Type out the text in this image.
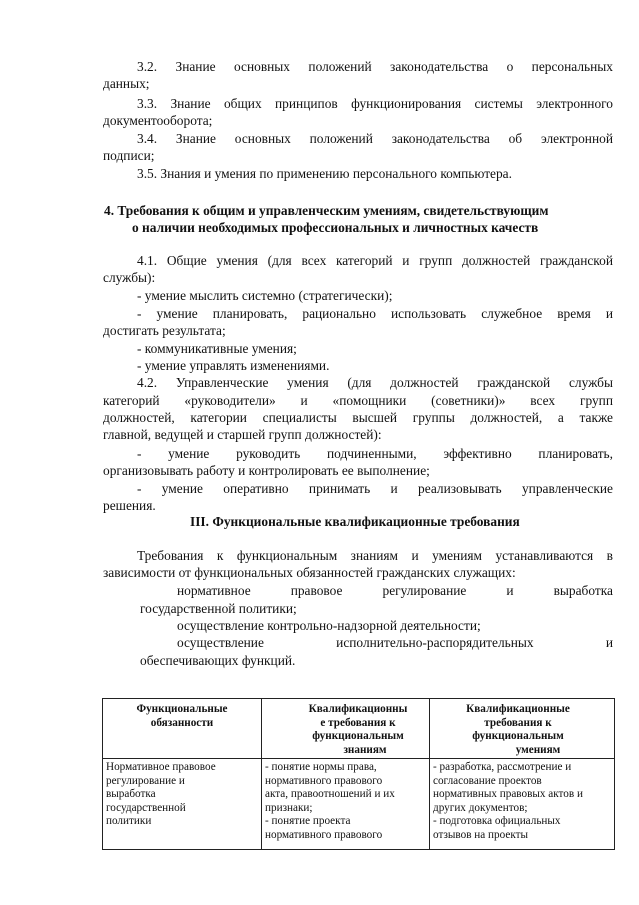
3.2. Знание основных положений законодательства о персональных
данных;
3.3. Знание общих принципов функционирования системы электронного
документооборота;
3.4. Знание основных положений законодательства об электронной
подписи;
3.5. Знания и умения по применению персонального компьютера.
4. Требования к общим и управленческим умениям, свидетельствующим
о наличии необходимых профессиональных и личностных качеств
4.1. Общие умения (для всех категорий и групп должностей гражданской
службы):
- умение мыслить системно (стратегически);
- умение планировать, рационально использовать служебное время и
достигать результата;
- коммуникативные умения;
- умение управлять изменениями.
4.2. Управленческие умения (для должностей гражданской службы
категорий «руководители» и «помощники (советники)» всех групп
должностей, категории специалисты высшей группы должностей, а также
главной, ведущей и старшей групп должностей):
- умение руководить подчиненными, эффективно планировать,
организовывать работу и контролировать ее выполнение;
- умение оперативно принимать и реализовывать управленческие
решения.
III. Функциональные квалификационные требования
Требования к функциональным знаниям и умениям устанавливаются в
зависимости от функциональных обязанностей гражданских служащих:
нормативное правовое регулирование и выработка
государственной политики;
осуществление контрольно-надзорной деятельности;
осуществление исполнительно-распорядительных и
обеспечивающих функций.
Функциональные
обязанности
Квалификационны
е требования к
функциональным
знаниям
Квалификационные
требования к
функциональным
умениям
Нормативное правовое
регулирование и
выработка
государственной
политики
- понятие нормы права,
нормативного правового
акта, правоотношений и их
признаки;
- понятие проекта
нормативного правового
- разработка, рассмотрение и
согласование проектов
нормативных правовых актов и
других документов;
- подготовка официальных
отзывов на проекты
